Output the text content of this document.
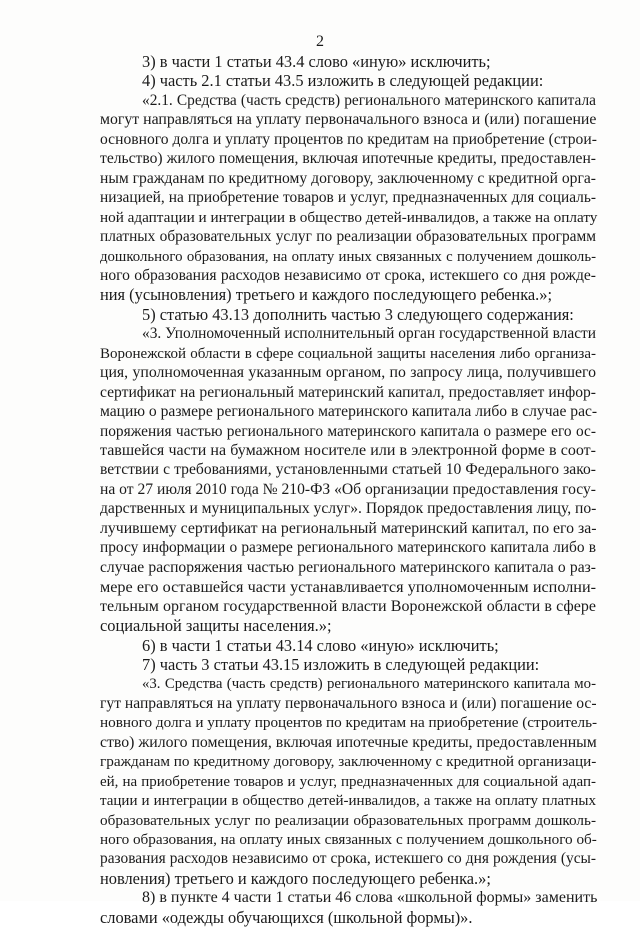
2
3) в части 1 статьи 43.4 слово «иную» исключить;
4) часть 2.1 статьи 43.5 изложить в следующей редакции:
«2.1. Средства (часть средств) регионального материнского капитала
могут направляться на уплату первоначального взноса и (или) погашение
основного долга и уплату процентов по кредитам на приобретение (строи-
тельство) жилого помещения, включая ипотечные кредиты, предоставлен-
ным гражданам по кредитному договору, заключенному с кредитной орга-
низацией, на приобретение товаров и услуг, предназначенных для социаль-
ной адаптации и интеграции в общество детей-инвалидов, а также на оплату
платных образовательных услуг по реализации образовательных программ
дошкольного образования, на оплату иных связанных с получением дошколь-
ного образования расходов независимо от срока, истекшего со дня рожде-
ния (усыновления) третьего и каждого последующего ребенка.»;
5) статью 43.13 дополнить частью 3 следующего содержания:
«3. Уполномоченный исполнительный орган государственной власти
Воронежской области в сфере социальной защиты населения либо организа-
ция, уполномоченная указанным органом, по запросу лица, получившего
сертификат на региональный материнский капитал, предоставляет инфор-
мацию о размере регионального материнского капитала либо в случае рас-
поряжения частью регионального материнского капитала о размере его ос-
тавшейся части на бумажном носителе или в электронной форме в соот-
ветствии с требованиями, установленными статьей 10 Федерального зако-
на от 27 июля 2010 года № 210-ФЗ «Об организации предоставления госу-
дарственных и муниципальных услуг». Порядок предоставления лицу, по-
лучившему сертификат на региональный материнский капитал, по его за-
просу информации о размере регионального материнского капитала либо в
случае распоряжения частью регионального материнского капитала о раз-
мере его оставшейся части устанавливается уполномоченным исполни-
тельным органом государственной власти Воронежской области в сфере
социальной защиты населения.»;
6) в части 1 статьи 43.14 слово «иную» исключить;
7) часть 3 статьи 43.15 изложить в следующей редакции:
«3. Средства (часть средств) регионального материнского капитала мо-
гут направляться на уплату первоначального взноса и (или) погашение ос-
новного долга и уплату процентов по кредитам на приобретение (строитель-
ство) жилого помещения, включая ипотечные кредиты, предоставленным
гражданам по кредитному договору, заключенному с кредитной организаци-
ей, на приобретение товаров и услуг, предназначенных для социальной адап-
тации и интеграции в общество детей-инвалидов, а также на оплату платных
образовательных услуг по реализации образовательных программ дошколь-
ного образования, на оплату иных связанных с получением дошкольного об-
разования расходов независимо от срока, истекшего со дня рождения (усы-
новления) третьего и каждого последующего ребенка.»;
8) в пункте 4 части 1 статьи 46 слова «школьной формы» заменить
словами «одежды обучающихся (школьной формы)».
